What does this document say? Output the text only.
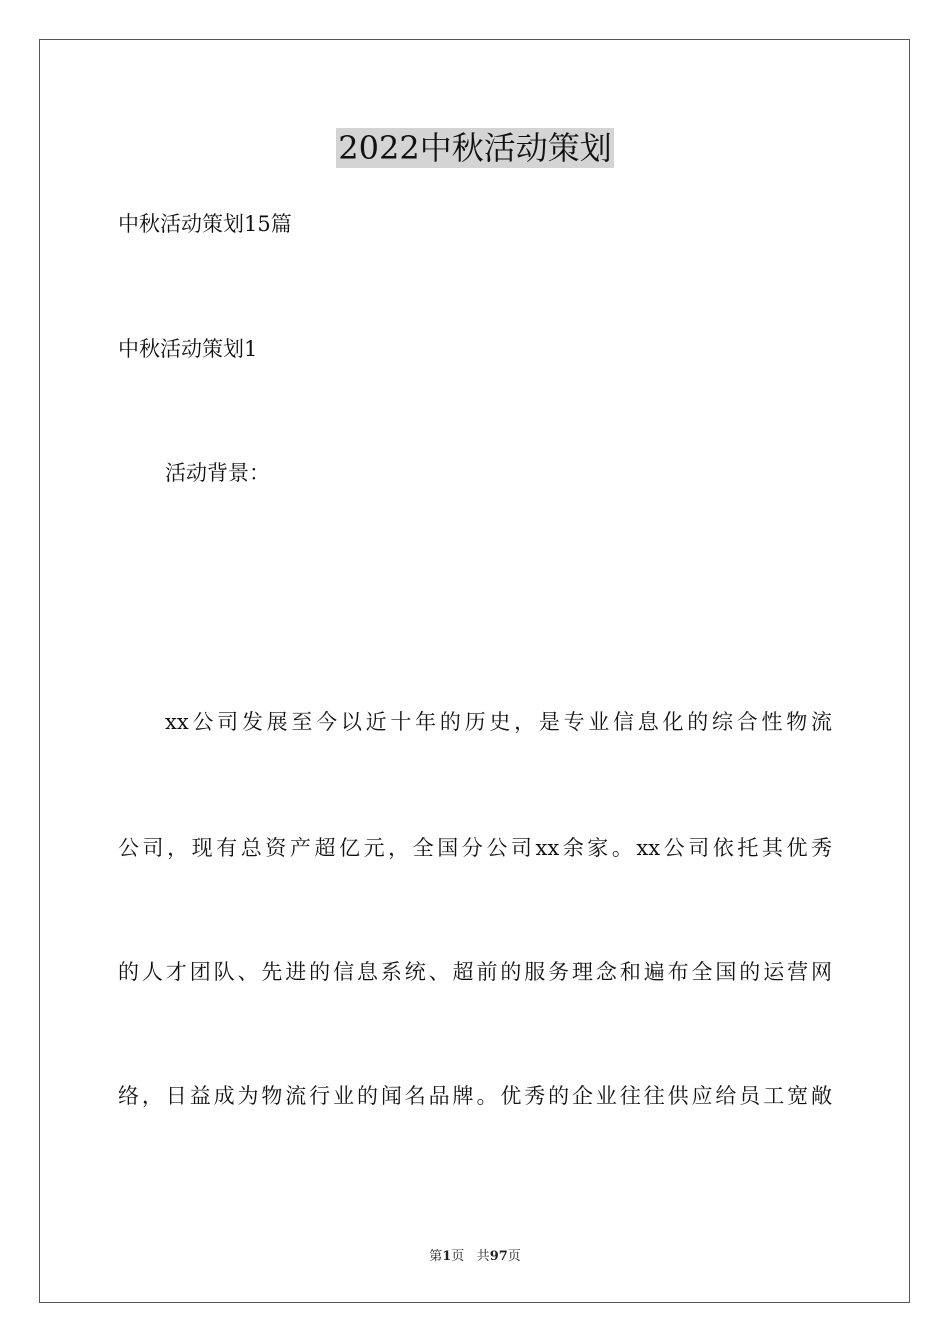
2022中秋活动策划
中秋活动策划15篇
中秋活动策划1
活动背景：
xx公司发展至今以近十年的历史，是专业信息化的综合性物流
公司，现有总资产超亿元，全国分公司xx余家。xx公司依托其优秀
的人才团队、先进的信息系统、超前的服务理念和遍布全国的运营网
络，日益成为物流行业的闻名品牌。优秀的企业往往供应给员工宽敞
第1页 共97页
